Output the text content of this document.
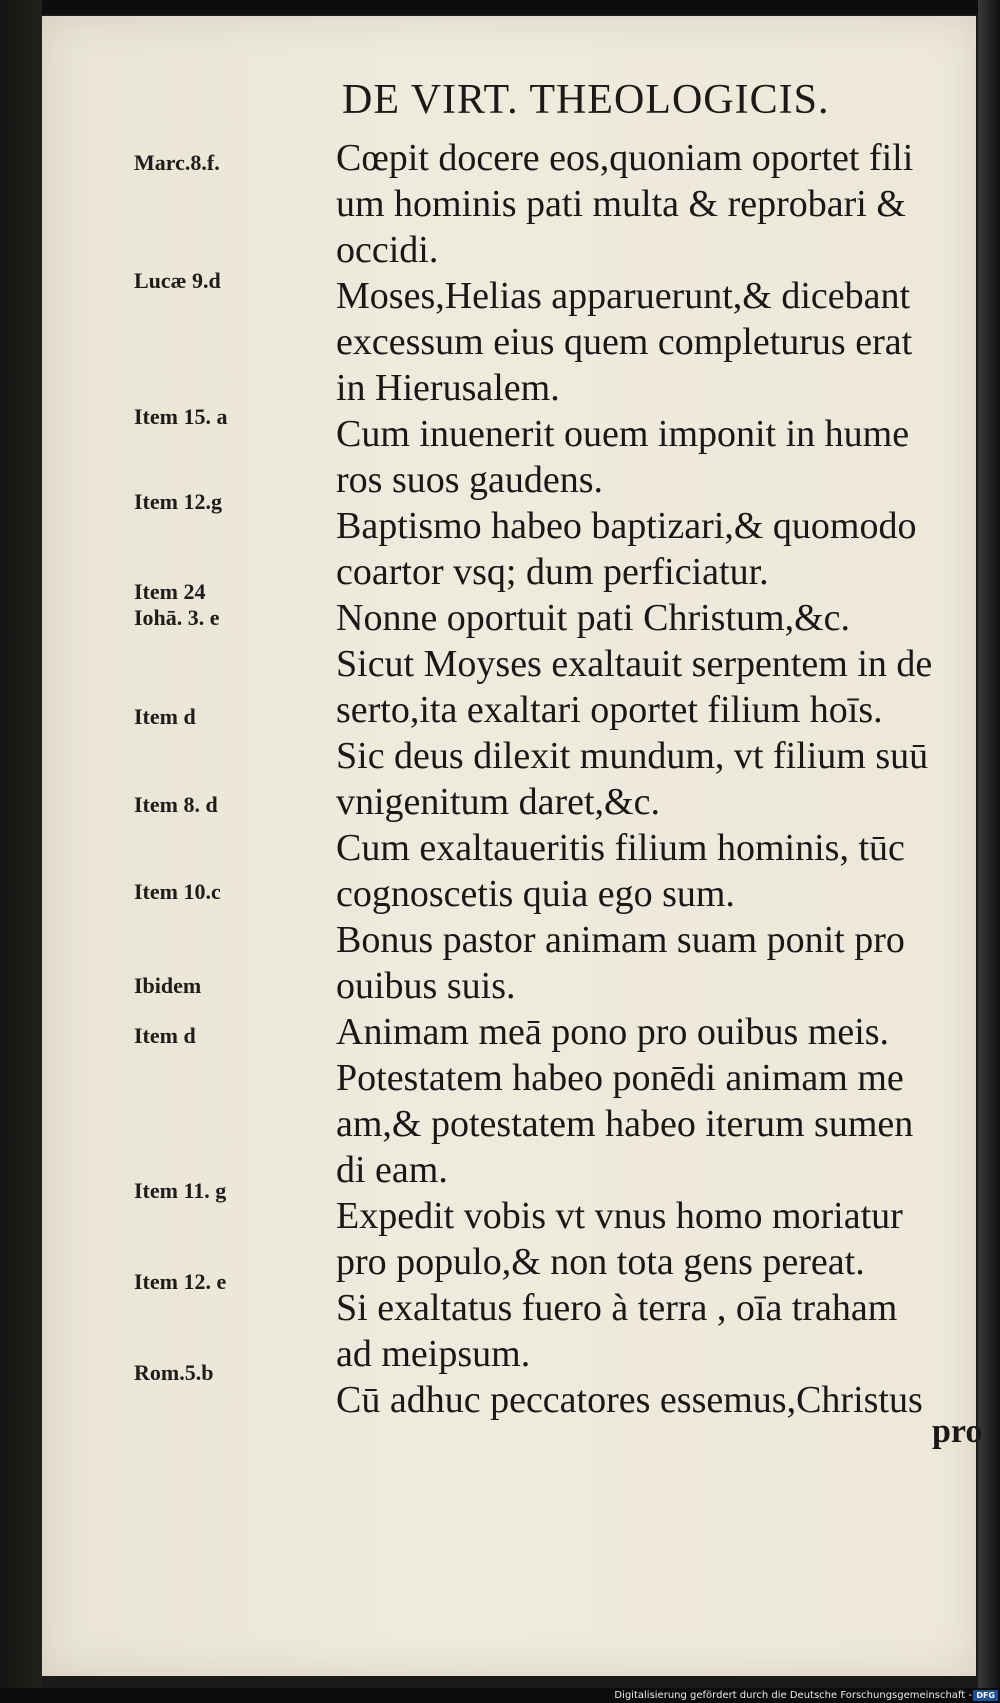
DE VIRT. THEOLOGICIS.
Marc.8.f.
Lucæ 9.d
Item 15. a
Item 12.g
Item 24
Iohā. 3. e
Item d
Item 8. d
Item 10.c
Ibidem
Item d
Item 11. g
Item 12. e
Rom.5.b
Cœpit docere eos,quoniam oportet fili
um hominis pati multa & reprobari &
occidi.
Moses,Helias apparuerunt,& dicebant
excessum eius quem completurus erat
in Hierusalem.
Cum inuenerit ouem imponit in hume
ros suos gaudens.
Baptismo habeo baptizari,& quomodo
coartor vsq; dum perficiatur.
Nonne oportuit pati Christum,&c.
Sicut Moyses exaltauit serpentem in de
serto,ita exaltari oportet filium hoīs.
Sic deus dilexit mundum, vt filium suū
vnigenitum daret,&c.
Cum exaltaueritis filium hominis, tūc
cognoscetis quia ego sum.
Bonus pastor animam suam ponit pro
ouibus suis.
Animam meā pono pro ouibus meis.
Potestatem habeo ponēdi animam me
am,& potestatem habeo iterum sumen
di eam.
Expedit vobis vt vnus homo moriatur
pro populo,& non tota gens pereat.
Si exaltatus fuero à terra , oīa traham
ad meipsum.
Cū adhuc peccatores essemus,Christus
pro
Digitalisierung gefördert durch die Deutsche Forschungsgemeinschaft - DFG
